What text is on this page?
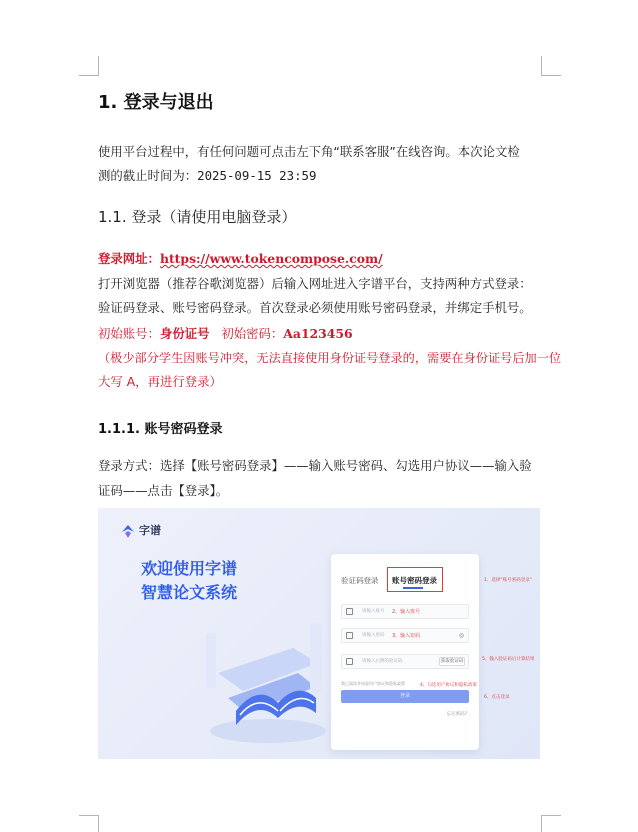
1. 登录与退出
使用平台过程中，有任何问题可点击左下角“联系客服”在线咨询。本次论文检
测的截止时间为：2025-09-15 23:59
1.1. 登录（请使用电脑登录）
登录网址：https://www.tokencompose.com/
打开浏览器（推荐谷歌浏览器）后输入网址进入字谱平台，支持两种方式登录：
验证码登录、账号密码登录。首次登录必须使用账号密码登录，并绑定手机号。
初始账号：身份证号 初始密码：Aa123456
（极少部分学生因账号冲突，无法直接使用身份证号登录的，需要在身份证号后加一位
大写 A，再进行登录）
1.1.1. 账号密码登录
登录方式：选择【账号密码登录】——输入账号密码、勾选用户协议——输入验
证码——点击【登录】。
字谱
欢迎使用字谱
智慧论文系统
验证码登录 账号密码登录
请输入账号 2、输入账号
请输入密码 3、输入密码	◎
请输入右侧的验证码	获取验证码
我已阅读并同意用户协议和隐私政策
登录
忘记密码?
1、选择“账号密码登录”
5、输入验证码后计算结果
4、勾选用户协议和隐私政策
6、点击登录
